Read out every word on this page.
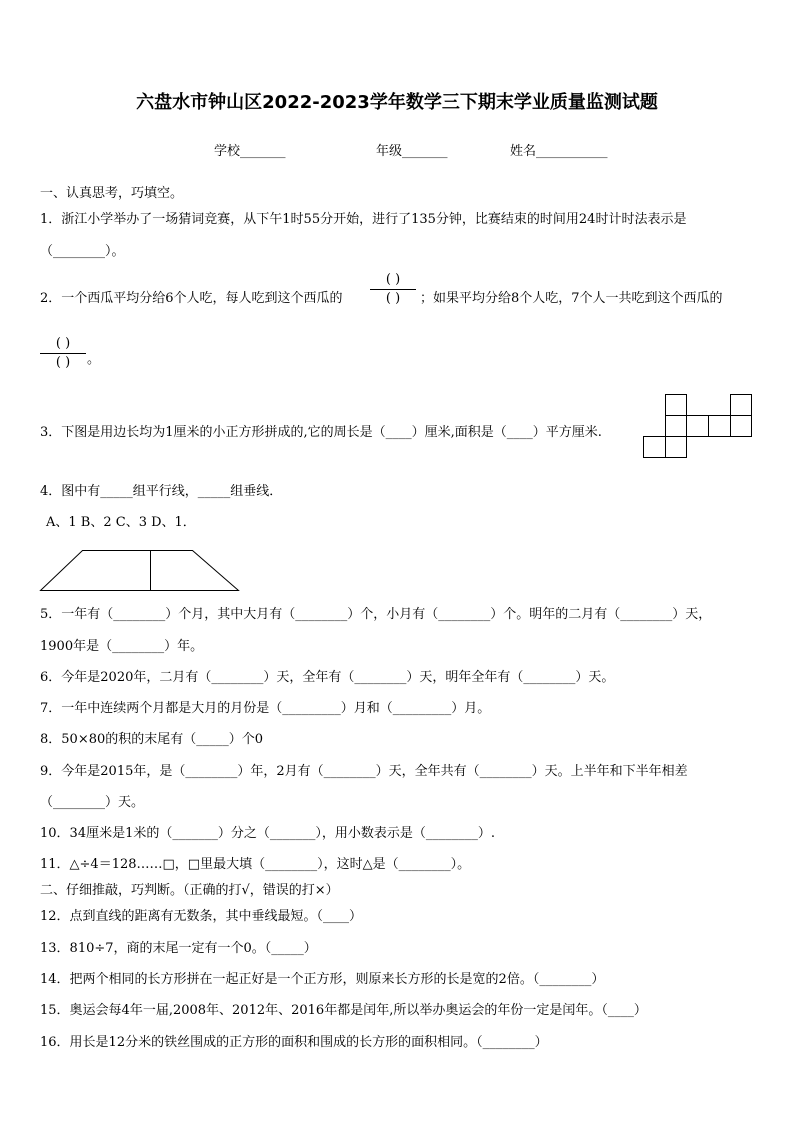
六盘水市钟山区2022-2023学年数学三下期末学业质量监测试题
学校_______	年级_______	姓名___________
一、认真思考，巧填空。
1．浙江小学举办了一场猜词竞赛，从下午1时55分开始，进行了135分钟，比赛结束的时间用24时计时法表示是
（________）。
2．一个西瓜平均分给6个人吃，每人吃到这个西瓜的
( )
( )	；如果平均分给8个人吃，7个人一共吃到这个西瓜的
( )
( )	。
3．下图是用边长均为1厘米的小正方形拼成的,它的周长是（____）厘米,面积是（____）平方厘米.
4．图中有_____组平行线，_____组垂线．
A、1 B、2 C、3 D、1．
5．一年有（________）个月，其中大月有（________）个，小月有（________）个。明年的二月有（________）天，
1900年是（________）年。
6．今年是2020年，二月有（________）天，全年有（________）天，明年全年有（________）天。
7．一年中连续两个月都是大月的月份是（_________）月和（_________）月。
8．50×80的积的末尾有（_____）个0
9．今年是2015年，是（________）年，2月有（________）天，全年共有（________）天。上半年和下半年相差
（________）天。
10．34厘米是1米的（_______）分之（_______），用小数表示是（________）.
11．△÷4＝128……□，□里最大填（________），这时△是（________）。
二、仔细推敲，巧判断。（正确的打√，错误的打×）
12．点到直线的距离有无数条，其中垂线最短。（____）
13．810÷7，商的末尾一定有一个0。（_____）
14．把两个相同的长方形拼在一起正好是一个正方形，则原来长方形的长是宽的2倍。（________）
15．奥运会每4年一届,2008年、2012年、2016年都是闰年,所以举办奥运会的年份一定是闰年。（____）
16．用长是12分米的铁丝围成的正方形的面积和围成的长方形的面积相同。（________）
